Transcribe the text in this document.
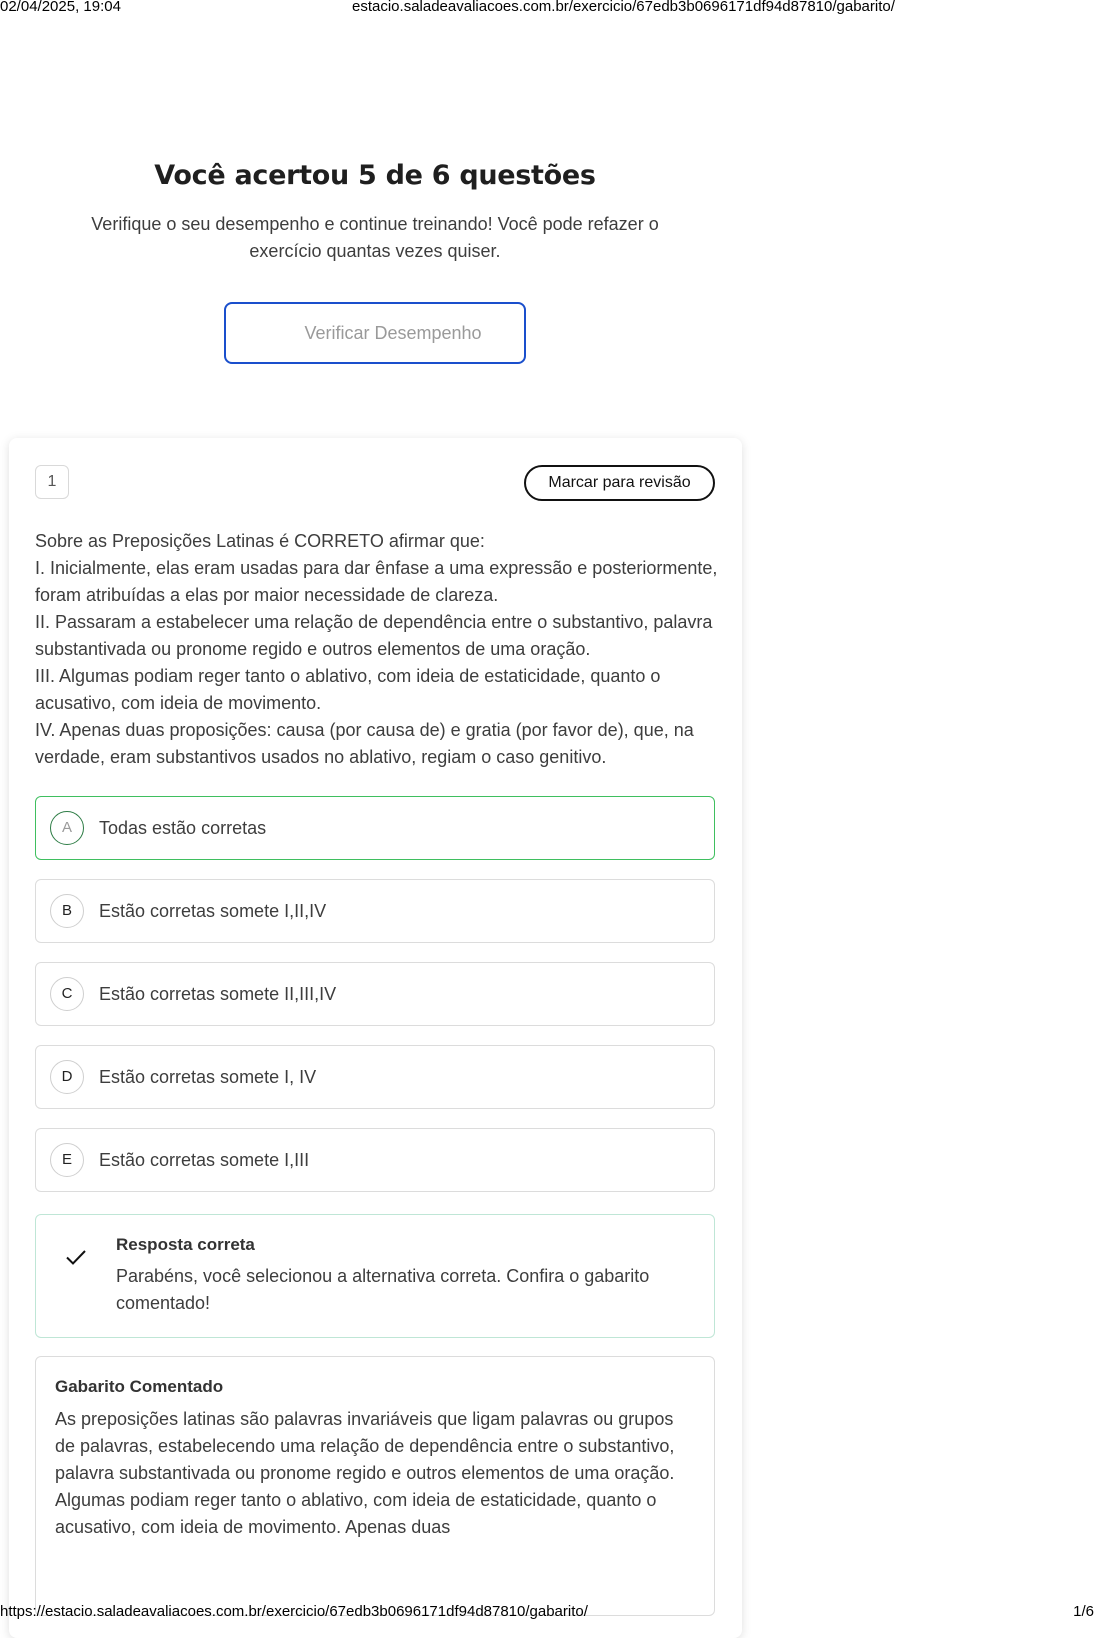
02/04/2025, 19:04	estacio.saladeavaliacoes.com.br/exercicio/67edb3b0696171df94d87810/gabarito/
Você acertou 5 de 6 questões

Verifique o seu desempenho e continue treinando! Você pode refazer o exercício quantas vezes quiser.

Verificar Desempenho
1	Marcar para revisão
Sobre as Preposições Latinas é CORRETO afirmar que:
I. Inicialmente, elas eram usadas para dar ênfase a uma expressão e posteriormente, foram atribuídas a elas por maior necessidade de clareza.
II. Passaram a estabelecer uma relação de dependência entre o substantivo, palavra substantivada ou pronome regido e outros elementos de uma oração.
III. Algumas podiam reger tanto o ablativo, com ideia de estaticidade, quanto o acusativo, com ideia de movimento.
IV. Apenas duas proposições: causa (por causa de) e gratia (por favor de), que, na verdade, eram substantivos usados no ablativo, regiam o caso genitivo.
A	Todas estão corretas
B	Estão corretas somete I,II,IV
C	Estão corretas somete II,III,IV
D	Estão corretas somete I, IV
E	Estão corretas somete I,III
Resposta correta
Parabéns, você selecionou a alternativa correta. Confira o gabarito comentado!
Gabarito Comentado
As preposições latinas são palavras invariáveis que ligam palavras ou grupos de palavras, estabelecendo uma relação de dependência entre o substantivo, palavra substantivada ou pronome regido e outros elementos de uma oração. Algumas podiam reger tanto o ablativo, com ideia de estaticidade, quanto o acusativo, com ideia de movimento. Apenas duas
https://estacio.saladeavaliacoes.com.br/exercicio/67edb3b0696171df94d87810/gabarito/	1/6
